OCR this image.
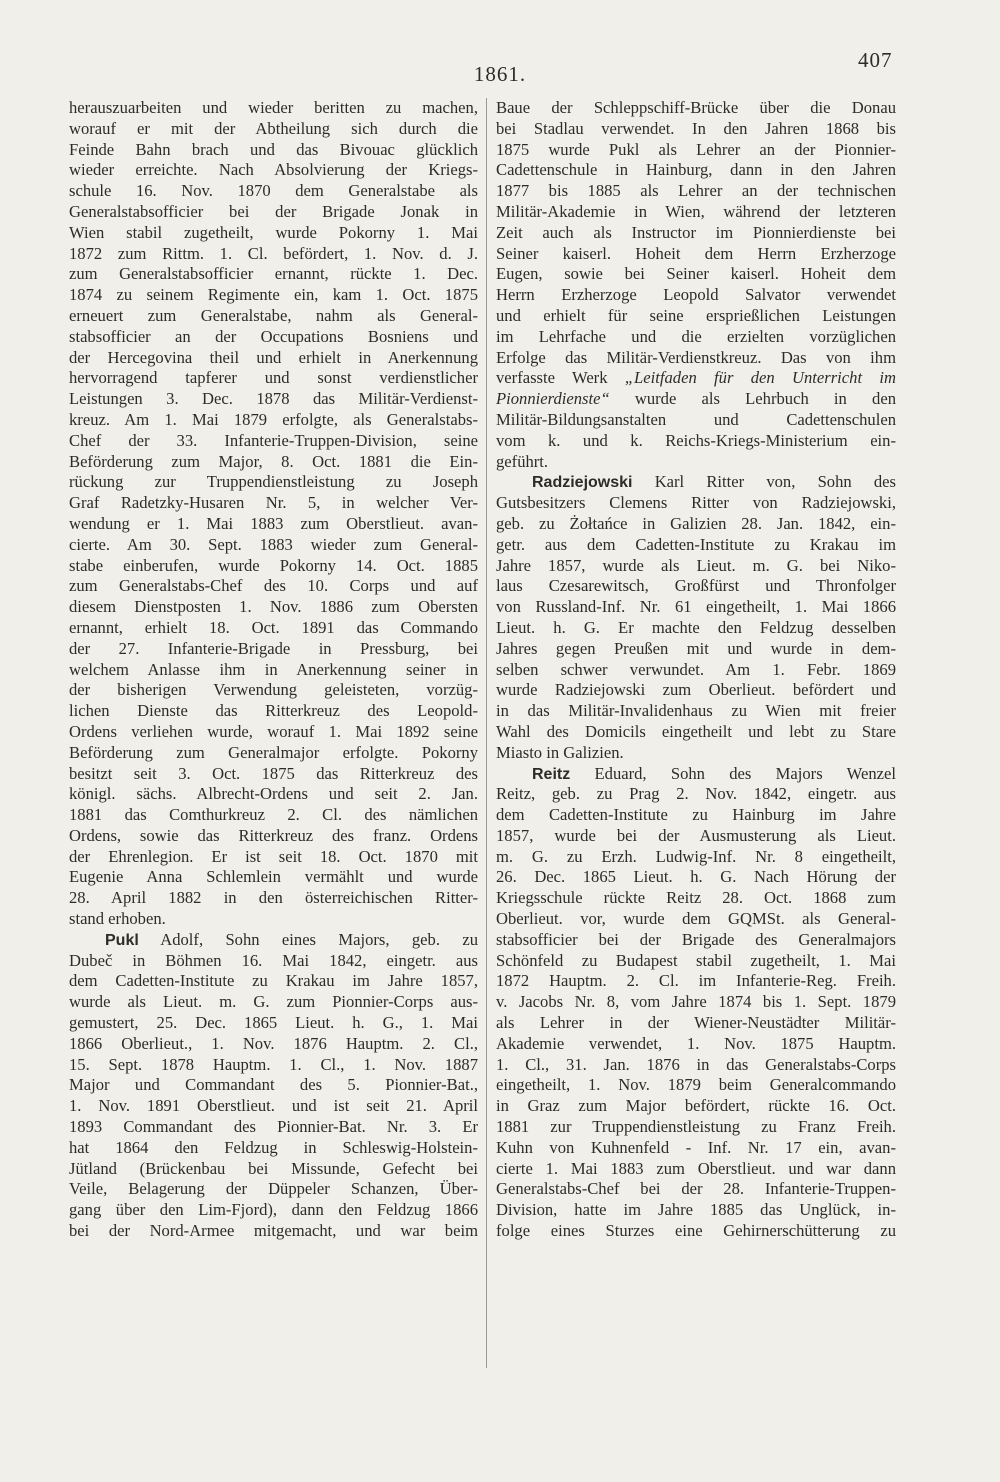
1861.
407
herauszuarbeiten und wieder beritten zu machen,
worauf er mit der Abtheilung sich durch die
Feinde Bahn brach und das Bivouac glücklich
wieder erreichte. Nach Absolvierung der Kriegs-
schule 16. Nov. 1870 dem Generalstabe als
Generalstabsofficier bei der Brigade Jonak in
Wien stabil zugetheilt, wurde Pokorny 1. Mai
1872 zum Rittm. 1. Cl. befördert, 1. Nov. d. J.
zum Generalstabsofficier ernannt, rückte 1. Dec.
1874 zu seinem Regimente ein, kam 1. Oct. 1875
erneuert zum Generalstabe, nahm als General-
stabsofficier an der Occupations Bosniens und
der Hercegovina theil und erhielt in Anerkennung
hervorragend tapferer und sonst verdienstlicher
Leistungen 3. Dec. 1878 das Militär-Verdienst-
kreuz. Am 1. Mai 1879 erfolgte, als Generalstabs-
Chef der 33. Infanterie-Truppen-Division, seine
Beförderung zum Major, 8. Oct. 1881 die Ein-
rückung zur Truppendienstleistung zu Joseph
Graf Radetzky-Husaren Nr. 5, in welcher Ver-
wendung er 1. Mai 1883 zum Oberstlieut. avan-
cierte. Am 30. Sept. 1883 wieder zum General-
stabe einberufen, wurde Pokorny 14. Oct. 1885
zum Generalstabs-Chef des 10. Corps und auf
diesem Dienstposten 1. Nov. 1886 zum Obersten
ernannt, erhielt 18. Oct. 1891 das Commando
der 27. Infanterie-Brigade in Pressburg, bei
welchem Anlasse ihm in Anerkennung seiner in
der bisherigen Verwendung geleisteten, vorzüg-
lichen Dienste das Ritterkreuz des Leopold-
Ordens verliehen wurde, worauf 1. Mai 1892 seine
Beförderung zum Generalmajor erfolgte. Pokorny
besitzt seit 3. Oct. 1875 das Ritterkreuz des
königl. sächs. Albrecht-Ordens und seit 2. Jan.
1881 das Comthurkreuz 2. Cl. des nämlichen
Ordens, sowie das Ritterkreuz des franz. Ordens
der Ehrenlegion. Er ist seit 18. Oct. 1870 mit
Eugenie Anna Schlemlein vermählt und wurde
28. April 1882 in den österreichischen Ritter-
stand erhoben.
Pukl Adolf, Sohn eines Majors, geb. zu
Dubeč in Böhmen 16. Mai 1842, eingetr. aus
dem Cadetten-Institute zu Krakau im Jahre 1857,
wurde als Lieut. m. G. zum Pionnier-Corps aus-
gemustert, 25. Dec. 1865 Lieut. h. G., 1. Mai
1866 Oberlieut., 1. Nov. 1876 Hauptm. 2. Cl.,
15. Sept. 1878 Hauptm. 1. Cl., 1. Nov. 1887
Major und Commandant des 5. Pionnier-Bat.,
1. Nov. 1891 Oberstlieut. und ist seit 21. April
1893 Commandant des Pionnier-Bat. Nr. 3. Er
hat 1864 den Feldzug in Schleswig-Holstein-
Jütland (Brückenbau bei Missunde, Gefecht bei
Veile, Belagerung der Düppeler Schanzen, Über-
gang über den Lim-Fjord), dann den Feldzug 1866
bei der Nord-Armee mitgemacht, und war beim
Baue der Schleppschiff-Brücke über die Donau
bei Stadlau verwendet. In den Jahren 1868 bis
1875 wurde Pukl als Lehrer an der Pionnier-
Cadettenschule in Hainburg, dann in den Jahren
1877 bis 1885 als Lehrer an der technischen
Militär-Akademie in Wien, während der letzteren
Zeit auch als Instructor im Pionnierdienste bei
Seiner kaiserl. Hoheit dem Herrn Erzherzoge
Eugen, sowie bei Seiner kaiserl. Hoheit dem
Herrn Erzherzoge Leopold Salvator verwendet
und erhielt für seine ersprießlichen Leistungen
im Lehrfache und die erzielten vorzüglichen
Erfolge das Militär-Verdienstkreuz. Das von ihm
verfasste Werk „Leitfaden für den Unterricht im
Pionnierdienste“ wurde als Lehrbuch in den
Militär-Bildungsanstalten und Cadettenschulen
vom k. und k. Reichs-Kriegs-Ministerium ein-
geführt.
Radziejowski Karl Ritter von, Sohn des
Gutsbesitzers Clemens Ritter von Radziejowski,
geb. zu Żołtańce in Galizien 28. Jan. 1842, ein-
getr. aus dem Cadetten-Institute zu Krakau im
Jahre 1857, wurde als Lieut. m. G. bei Niko-
laus Czesarewitsch, Großfürst und Thronfolger
von Russland-Inf. Nr. 61 eingetheilt, 1. Mai 1866
Lieut. h. G. Er machte den Feldzug desselben
Jahres gegen Preußen mit und wurde in dem-
selben schwer verwundet. Am 1. Febr. 1869
wurde Radziejowski zum Oberlieut. befördert und
in das Militär-Invalidenhaus zu Wien mit freier
Wahl des Domicils eingetheilt und lebt zu Stare
Miasto in Galizien.
Reitz Eduard, Sohn des Majors Wenzel
Reitz, geb. zu Prag 2. Nov. 1842, eingetr. aus
dem Cadetten-Institute zu Hainburg im Jahre
1857, wurde bei der Ausmusterung als Lieut.
m. G. zu Erzh. Ludwig-Inf. Nr. 8 eingetheilt,
26. Dec. 1865 Lieut. h. G. Nach Hörung der
Kriegsschule rückte Reitz 28. Oct. 1868 zum
Oberlieut. vor, wurde dem GQMSt. als General-
stabsofficier bei der Brigade des Generalmajors
Schönfeld zu Budapest stabil zugetheilt, 1. Mai
1872 Hauptm. 2. Cl. im Infanterie-Reg. Freih.
v. Jacobs Nr. 8, vom Jahre 1874 bis 1. Sept. 1879
als Lehrer in der Wiener-Neustädter Militär-
Akademie verwendet, 1. Nov. 1875 Hauptm.
1. Cl., 31. Jan. 1876 in das Generalstabs-Corps
eingetheilt, 1. Nov. 1879 beim Generalcommando
in Graz zum Major befördert, rückte 16. Oct.
1881 zur Truppendienstleistung zu Franz Freih.
Kuhn von Kuhnenfeld - Inf. Nr. 17 ein, avan-
cierte 1. Mai 1883 zum Oberstlieut. und war dann
Generalstabs-Chef bei der 28. Infanterie-Truppen-
Division, hatte im Jahre 1885 das Unglück, in-
folge eines Sturzes eine Gehirnerschütterung zu
